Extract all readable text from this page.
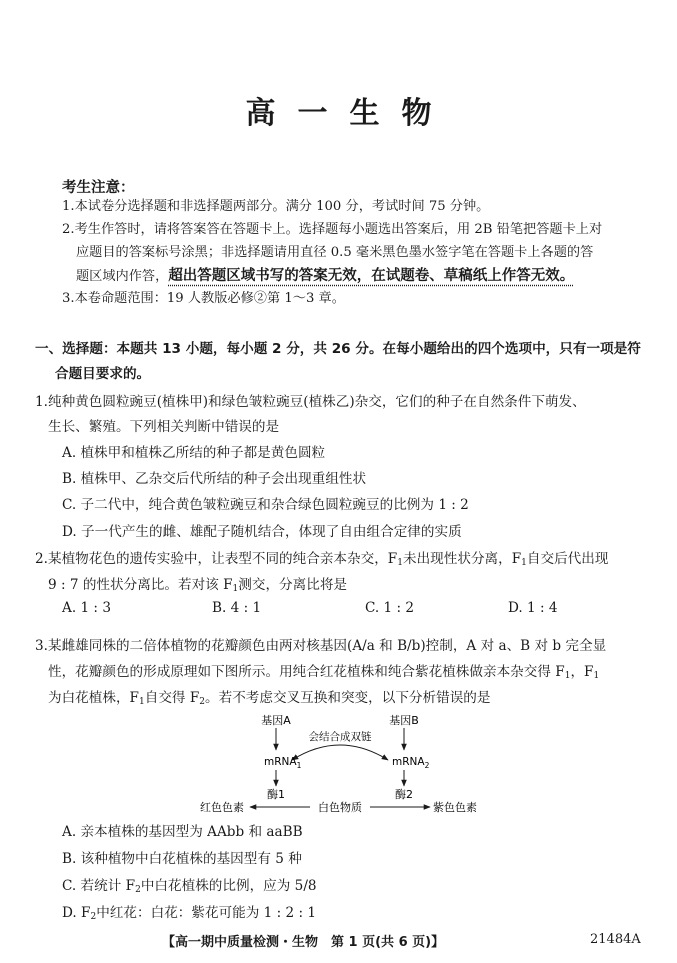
高一生物
考生注意：
1.本试卷分选择题和非选择题两部分。满分 100 分，考试时间 75 分钟。
2.考生作答时，请将答案答在答题卡上。选择题每小题选出答案后，用 2B 铅笔把答题卡上对
应题目的答案标号涂黑；非选择题请用直径 0.5 毫米黑色墨水签字笔在答题卡上各题的答
题区域内作答，超出答题区域书写的答案无效，在试题卷、草稿纸上作答无效。
3.本卷命题范围：19 人教版必修②第 1～3 章。
一、选择题：本题共 13 小题，每小题 2 分，共 26 分。在每小题给出的四个选项中，只有一项是符
合题目要求的。
1.纯种黄色圆粒豌豆(植株甲)和绿色皱粒豌豆(植株乙)杂交，它们的种子在自然条件下萌发、
生长、繁殖。下列相关判断中错误的是
A. 植株甲和植株乙所结的种子都是黄色圆粒
B. 植株甲、乙杂交后代所结的种子会出现重组性状
C. 子二代中，纯合黄色皱粒豌豆和杂合绿色圆粒豌豆的比例为 1 : 2
D. 子一代产生的雌、雄配子随机结合，体现了自由组合定律的实质
2.某植物花色的遗传实验中，让表型不同的纯合亲本杂交，$F_1$未出现性状分离，$F_1$自交后代出现
9 : 7 的性状分离比。若对该 $F_1$测交，分离比将是
A. 1 : 3	B. 4 : 1	C. 1 : 2	D. 1 : 4
3.某雌雄同株的二倍体植物的花瓣颜色由两对核基因(A/a 和 B/b)控制，A 对 a、B 对 b 完全显
性，花瓣颜色的形成原理如下图所示。用纯合红花植株和纯合紫花植株做亲本杂交得 $F_1$，$F_1$
为白花植株，$F_1$自交得 $F_2$。若不考虑交叉互换和突变，以下分析错误的是
基因A	基因B
会结合成双链
mRNA$_1$	mRNA$_2$
酶1	酶2
红色色素	白色物质	紫色色素
A. 亲本植株的基因型为 AAbb 和 aaBB
B. 该种植物中白花植株的基因型有 5 种
C. 若统计 $F_2$中白花植株的比例，应为 5/8
D. $F_2$中红花：白花：紫花可能为 1 : 2 : 1
【高一期中质量检测・生物　第 1 页(共 6 页)】	21484A
